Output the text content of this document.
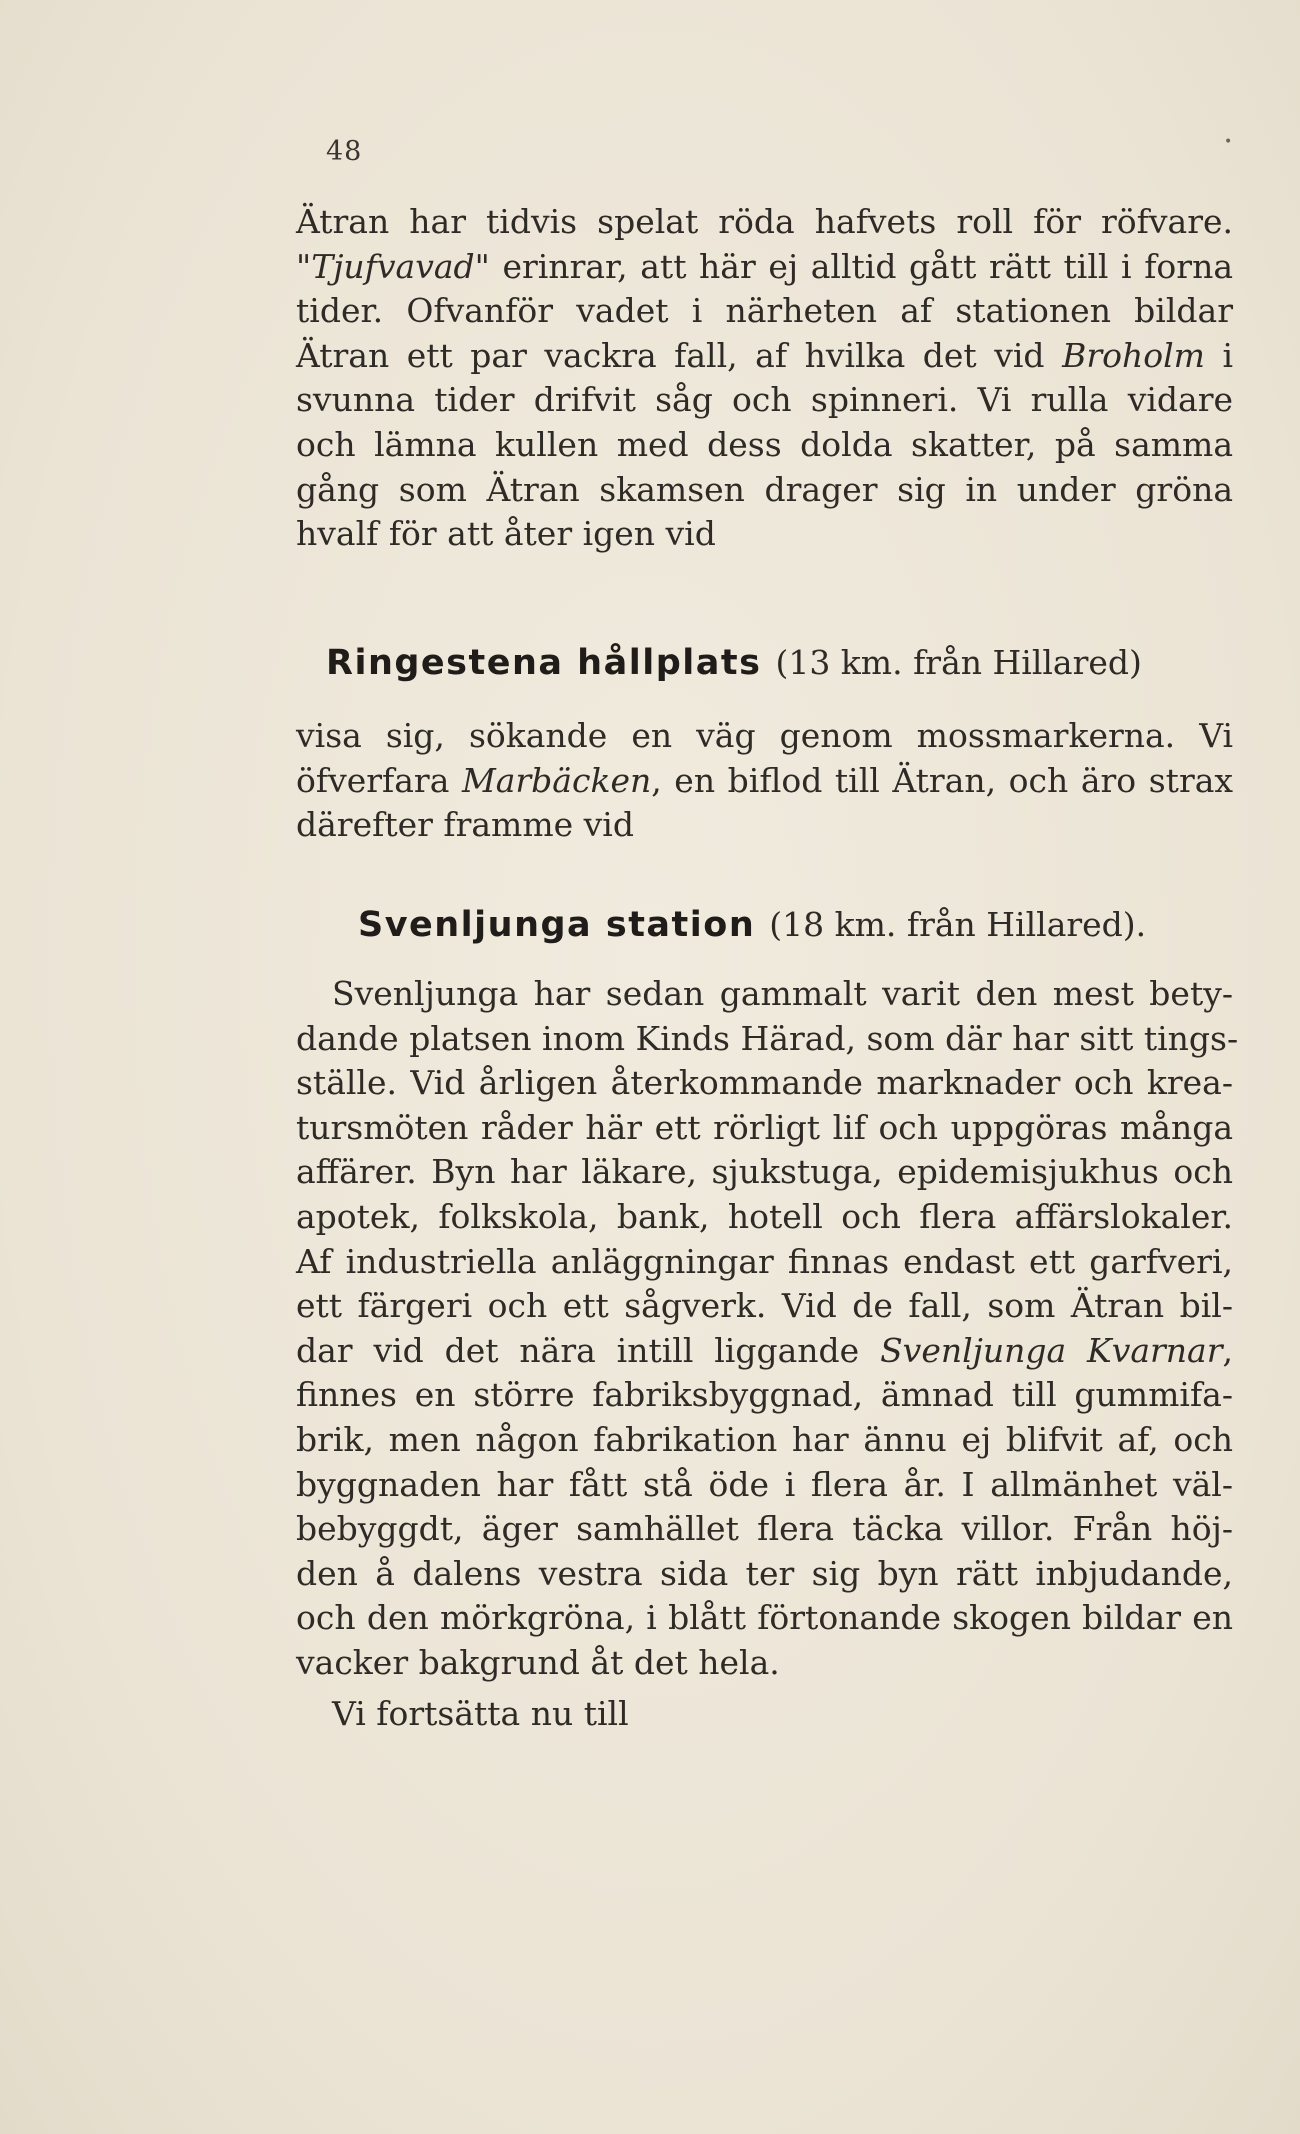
48	•
Ätran har tidvis spelat röda hafvets roll för röfvare.
"Tjufvavad" erinrar, att här ej alltid gått rätt till i forna
tider. Ofvanför vadet i närheten af stationen bildar
Ätran ett par vackra fall, af hvilka det vid Broholm i
svunna tider drifvit såg och spinneri. Vi rulla vidare
och lämna kullen med dess dolda skatter, på samma
gång som Ätran skamsen drager sig in under gröna
hvalf för att åter igen vid
Ringestena hållplats (13 km. från Hillared)
visa sig, sökande en väg genom mossmarkerna. Vi
öfverfara Marbäcken, en biflod till Ätran, och äro strax
därefter framme vid
Svenljunga station (18 km. från Hillared).
Svenljunga har sedan gammalt varit den mest bety-
dande platsen inom Kinds Härad, som där har sitt tings-
ställe. Vid årligen återkommande marknader och krea-
tursmöten råder här ett rörligt lif och uppgöras många
affärer. Byn har läkare, sjukstuga, epidemisjukhus och
apotek, folkskola, bank, hotell och flera affärslokaler.
Af industriella anläggningar finnas endast ett garfveri,
ett färgeri och ett sågverk. Vid de fall, som Ätran bil-
dar vid det nära intill liggande Svenljunga Kvarnar,
finnes en större fabriksbyggnad, ämnad till gummifa-
brik, men någon fabrikation har ännu ej blifvit af, och
byggnaden har fått stå öde i flera år. I allmänhet väl-
bebyggdt, äger samhället flera täcka villor. Från höj-
den å dalens vestra sida ter sig byn rätt inbjudande,
och den mörkgröna, i blått förtonande skogen bildar en
vacker bakgrund åt det hela.
Vi fortsätta nu till
